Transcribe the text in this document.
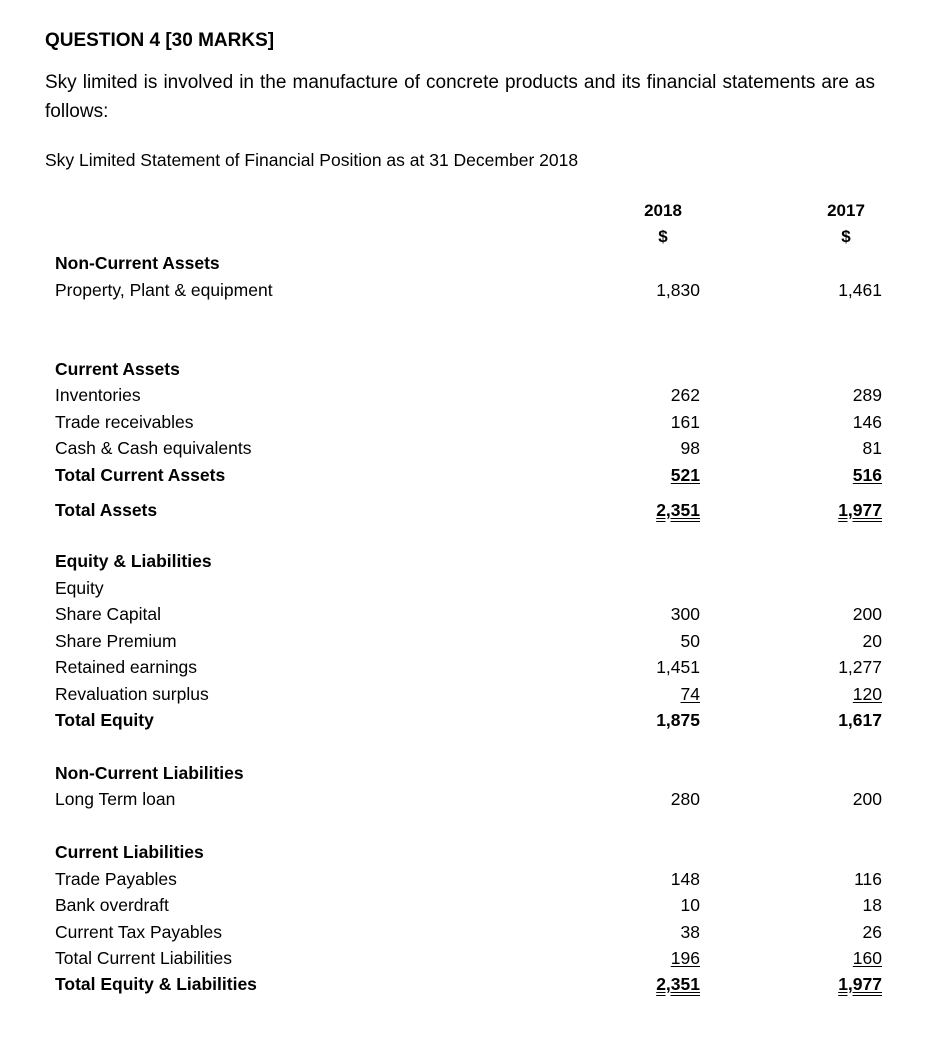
QUESTION 4 [30 MARKS]
Sky limited is involved in the manufacture of concrete products and its financial statements are as follows:
Sky Limited Statement of Financial Position as at 31 December 2018
2018
$
2017
$
Non-Current Assets
Property, Plant & equipment	1,830	1,461
Current Assets
Inventories	262	289
Trade receivables	161	146
Cash & Cash equivalents	98	81
Total Current Assets	521	516
Total Assets	2,351	1,977
Equity & Liabilities
Equity
Share Capital	300	200
Share Premium	50	20
Retained earnings	1,451	1,277
Revaluation surplus	74	120
Total Equity	1,875	1,617
Non-Current Liabilities
Long Term loan	280	200
Current Liabilities
Trade Payables	148	116
Bank overdraft	10	18
Current Tax Payables	38	26
Total Current Liabilities	196	160
Total Equity & Liabilities	2,351	1,977
